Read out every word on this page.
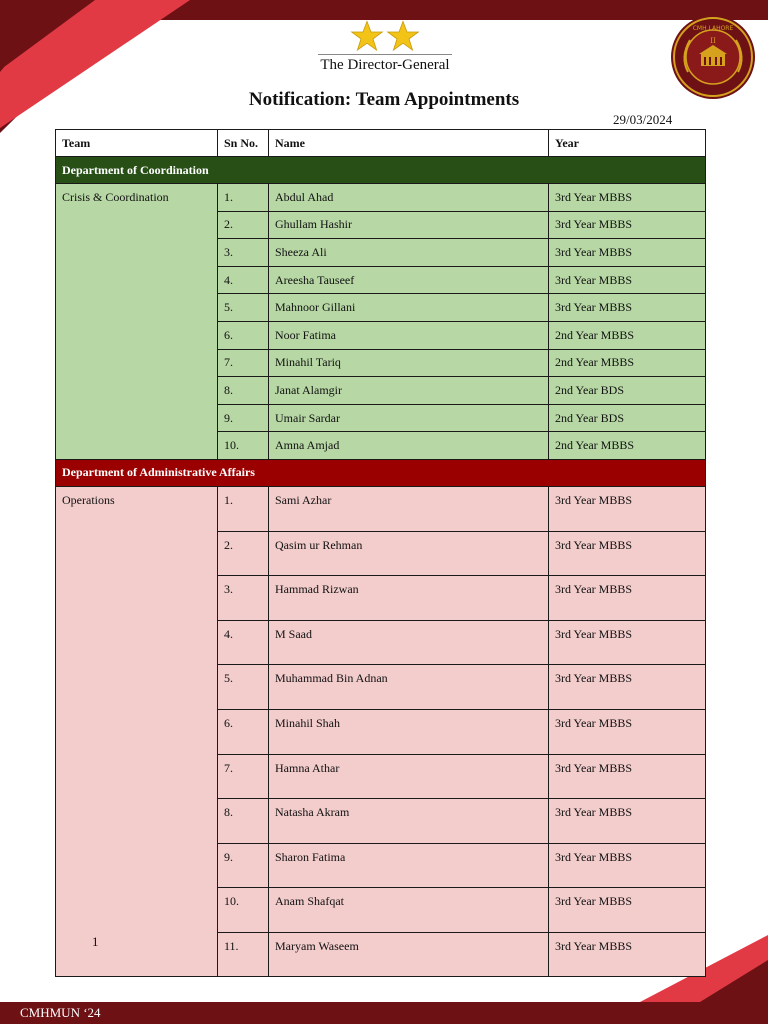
The Director-General
CMH LAHORE
II
Notification: Team Appointments
29/03/2024
Team	Sn No.	Name	Year
Department of Coordination			
Crisis & Coordination	1.	Abdul Ahad	3rd Year MBBS
	2.	Ghullam Hashir	3rd Year MBBS
	3.	Sheeza Ali	3rd Year MBBS
	4.	Areesha Tauseef	3rd Year MBBS
	5.	Mahnoor Gillani	3rd Year MBBS
	6.	Noor Fatima	2nd Year MBBS
	7.	Minahil Tariq	2nd Year MBBS
	8.	Janat Alamgir	2nd Year BDS
	9.	Umair Sardar	2nd Year BDS
	10.	Amna Amjad	2nd Year MBBS
Department of Administrative Affairs			
Operations	1.	Sami Azhar	3rd Year MBBS
	2.	Qasim ur Rehman	3rd Year MBBS
	3.	Hammad Rizwan	3rd Year MBBS
	4.	M Saad	3rd Year MBBS
	5.	Muhammad Bin Adnan	3rd Year MBBS
	6.	Minahil Shah	3rd Year MBBS
	7.	Hamna Athar	3rd Year MBBS
	8.	Natasha Akram	3rd Year MBBS
	9.	Sharon Fatima	3rd Year MBBS
	10.	Anam Shafqat	3rd Year MBBS
	11.	Maryam Waseem	3rd Year MBBS
1
CMHMUN ‘24
